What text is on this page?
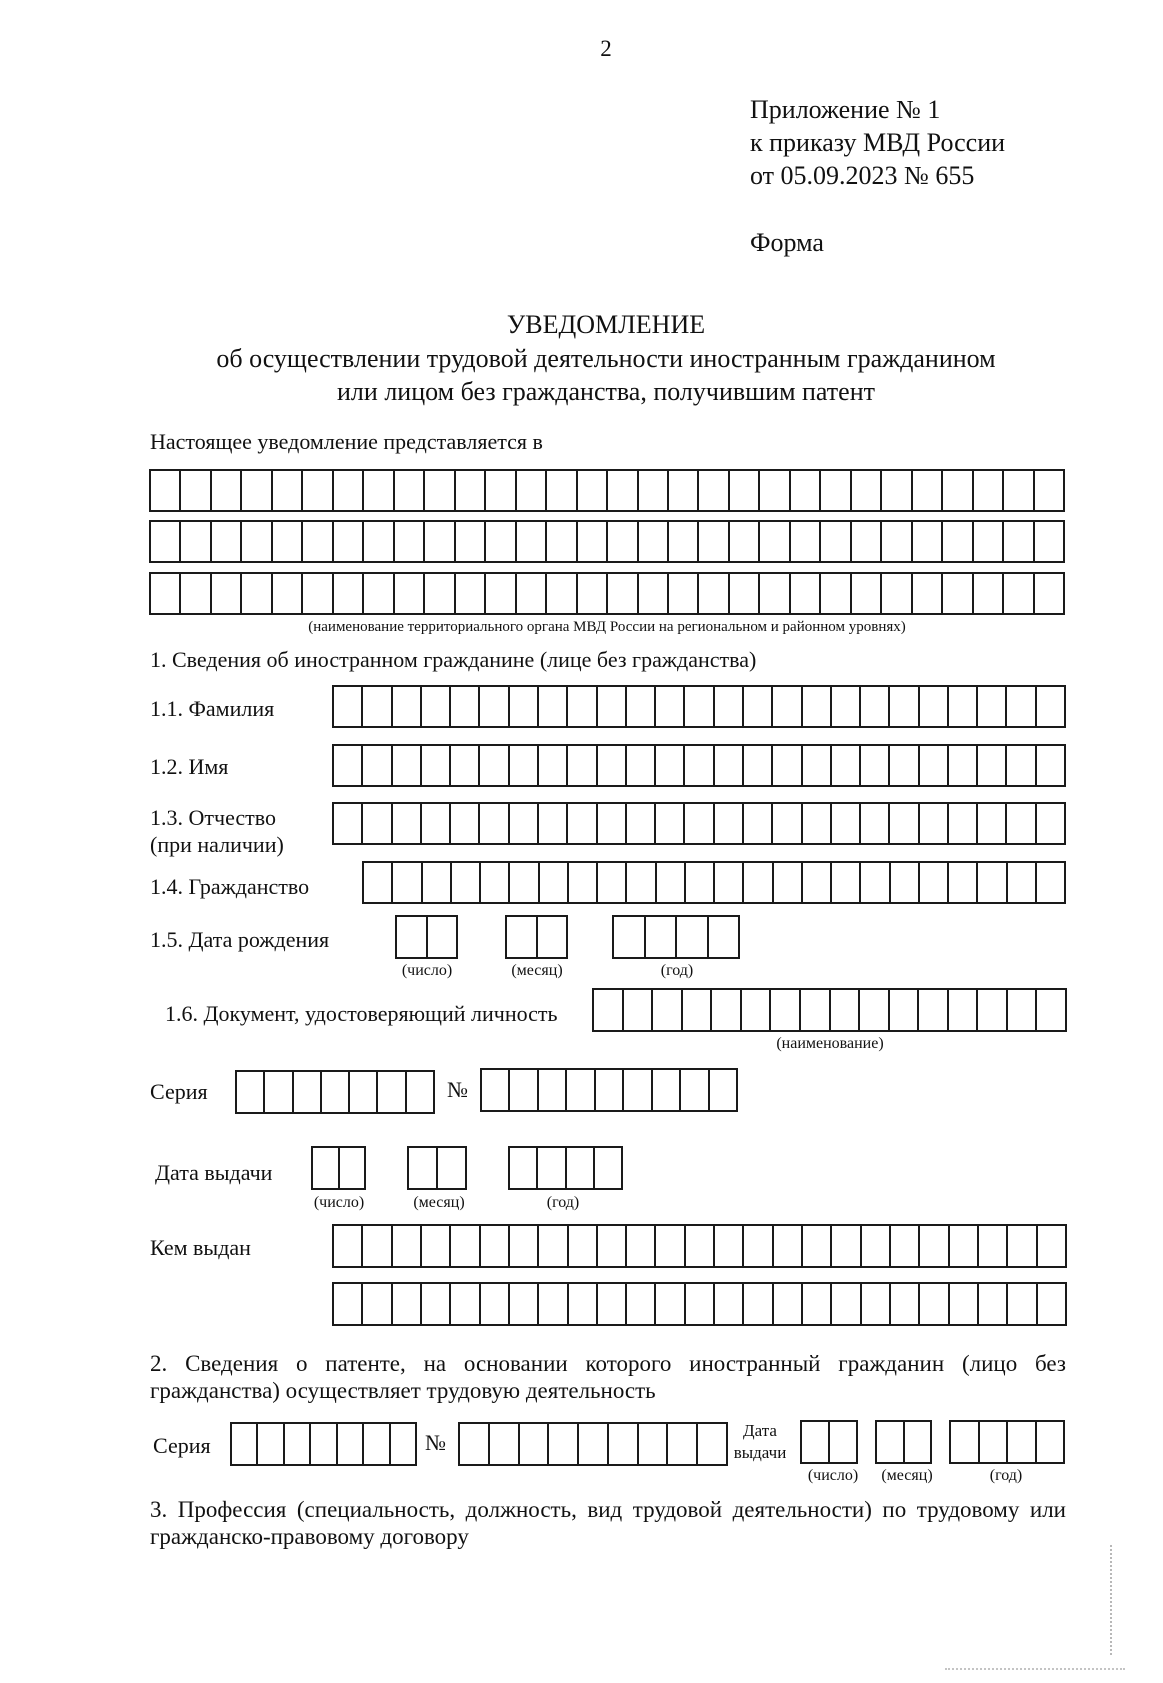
2

Приложение № 1

к приказу МВД России

от 05.09.2023 № 655

Форма

УВЕДОМЛЕНИЕ

об осуществлении трудовой деятельности иностранным гражданином

или лицом без гражданства, получившим патент

Настоящее уведомление представляется в

(наименование территориального органа МВД России на региональном и районном уровнях)

1. Сведения об иностранном гражданине (лице без гражданства)

1.1. Фамилия

1.2. Имя

1.3. Отчество

(при наличии)

1.4. Гражданство

1.5. Дата рождения

(число)	(месяц)	(год)

1.6. Документ, удостоверяющий личность

(наименование)

Серия	№

Дата выдачи

(число)	(месяц)	(год)

Кем выдан

2. Сведения о патенте, на основании которого иностранный гражданин (лицо без гражданства) осуществляет трудовую деятельность

Серия	№	Дата

выдачи

(число) (месяц)	(год)

3. Профессия (специальность, должность, вид трудовой деятельности) по трудовому или гражданско-правовому договору
